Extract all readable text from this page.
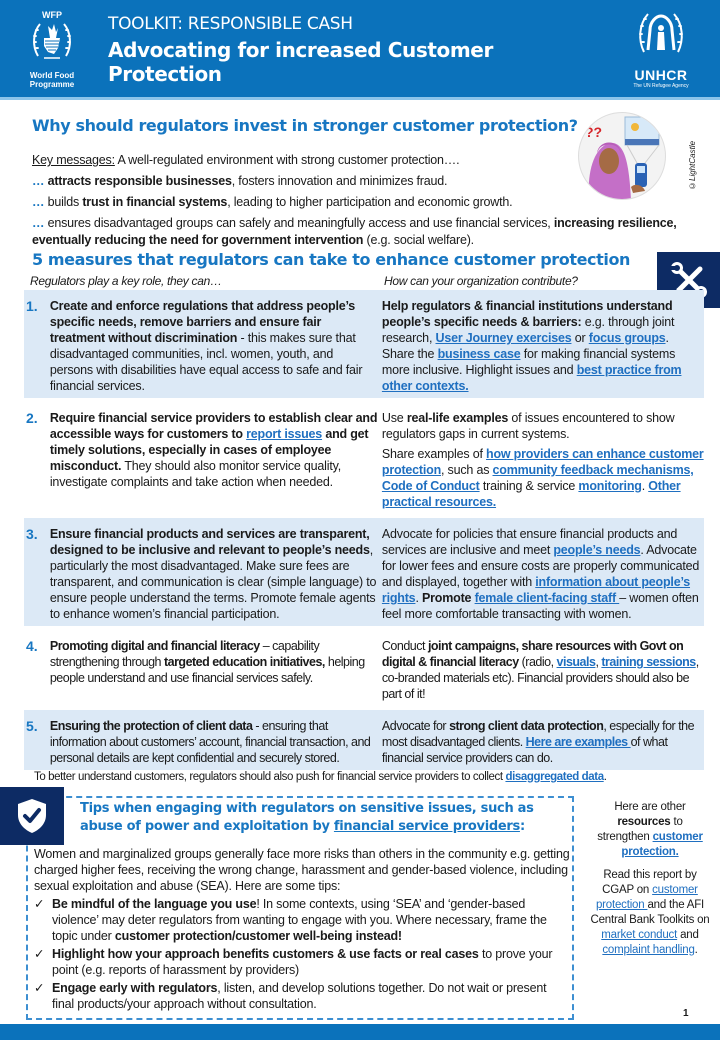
WFP
World Food Programme
TOOLKIT: RESPONSIBLE CASH
Advocating for increased Customer Protection	UNHCR
The UN Refugee Agency
Why should regulators invest in stronger customer protection?

Key messages: A well-regulated environment with strong customer protection….

… attracts responsible businesses, fosters innovation and minimizes fraud.

… builds trust in financial systems, leading to higher participation and economic growth.

… ensures disadvantaged groups can safely and meaningfully access and use financial services, increasing resilience, eventually reducing the need for government intervention (e.g. social welfare).

??
©LightCastle
5 measures that regulators can take to enhance customer protection
Regulators play a key role, they can…	How can your organization contribute?
1. Create and enforce regulations that address people’s specific needs, remove barriers and ensure fair treatment without discrimination - this makes sure that disadvantaged communities, incl. women, youth, and persons with disabilities have equal access to safe and fair financial services.
Help regulators & financial institutions understand people’s specific needs & barriers: e.g. through joint research, User Journey exercises or focus groups. Share the business case for making financial systems more inclusive. Highlight issues and best practice from other contexts.
2. Require financial service providers to establish clear and accessible ways for customers to report issues and get timely solutions, especially in cases of employee misconduct. They should also monitor service quality, investigate complaints and take action when needed.

Use real-life examples of issues encountered to show regulators gaps in current systems.

Share examples of how providers can enhance customer protection, such as community feedback mechanisms, Code of Conduct training & service monitoring. Other practical resources.

3. Ensure financial products and services are transparent, designed to be inclusive and relevant to people’s needs, particularly the most disadvantaged. Make sure fees are transparent, and communication is clear (simple language) to ensure people understand the terms. Promote female agents to enhance women’s financial participation.
Advocate for policies that ensure financial products and services are inclusive and meet people’s needs. Advocate for lower fees and ensure costs are properly communicated and displayed, together with information about people’s rights. Promote female client-facing staff – women often feel more comfortable transacting with women.
4. Promoting digital and financial literacy – capability strengthening through targeted education initiatives, helping people understand and use financial services safely.
Conduct joint campaigns, share resources with Govt on digital & financial literacy (radio, visuals, training sessions, co-branded materials etc). Financial providers should also be part of it!
5. Ensuring the protection of client data - ensuring that information about customers’ account, financial transaction, and personal details are kept confidential and securely stored.
Advocate for strong client data protection, especially for the most disadvantaged clients. Here are examples of what financial service providers can do.
To better understand customers, regulators should also push for financial service providers to collect disaggregated data.
Tips when engaging with regulators on sensitive issues, such as abuse of power and exploitation by financial service providers:

Women and marginalized groups generally face more risks than others in the community e.g. getting charged higher fees, receiving the wrong change, harassment and gender-based violence, including sexual exploitation and abuse (SEA). Here are some tips:

✓ Be mindful of the language you use! In some contexts, using ‘SEA’ and ‘gender-based violence’ may deter regulators from wanting to engage with you. Where necessary, frame the topic under customer protection/customer well-being instead!
✓ Highlight how your approach benefits customers & use facts or real cases to prove your point (e.g. reports of harassment by providers)
✓ Engage early with regulators, listen, and develop solutions together. Do not wait or present final products/your approach without consultation.

Here are other resources to strengthen customer protection.

Read this report by CGAP on customer protection and the AFI Central Bank Toolkits on market conduct and complaint handling.

1
